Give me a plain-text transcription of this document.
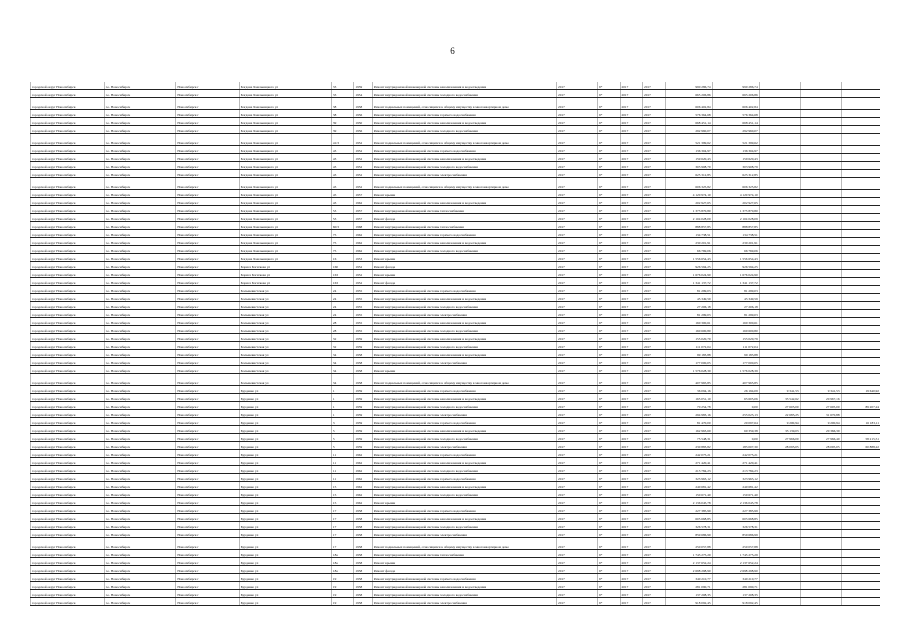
6
городской округ Новосибирск	г.о. Новосибирск	Новосибирск г	Богдана Хмельницкого ул	33	1959	Ремонт внутридомовой инженерной системы канализования и водоотведения	2017	6*	2017	2017	990 286,74	990 286,74			
городской округ Новосибирск	г.о. Новосибирск	Новосибирск г	Богдана Хмельницкого ул	33	1954	Ремонт внутридомовой инженерной системы холодного водоснабжения	2017	6*	2017	2017	665 206,86	665 206,86			
городской округ Новосибирск	г.о. Новосибирск	Новосибирск г	Богдана Хмельницкого ул	38	1958	Ремонт подвальных помещений, относящихся к общему имуществу в многоквартирном доме	2017	6*	2017	2017	606 402,84	606 402,84			
городской округ Новосибирск	г.о. Новосибирск	Новосибирск г	Богдана Хмельницкого ул	38	1956	Ремонт внутридомовой инженерной системы горячего водоснабжения	2017	6*	2017	2017	576 364,68	576 364,68			
городской округ Новосибирск	г.о. Новосибирск	Новосибирск г	Богдана Хмельницкого ул	39	1950	Ремонт внутридомовой инженерной системы канализования и водоотведения	2017	6*	2017	2017	668 451,14	668 451,14			
городской округ Новосибирск	г.о. Новосибирск	Новосибирск г	Богдана Хмельницкого ул	39	1956	Ремонт внутридомовой инженерной системы холодного водоснабжения	2017	6*	2017	2017	292 960,07	292 960,07			
городской округ Новосибирск	г.о. Новосибирск	Новосибирск г	Богдана Хмельницкого ул	41/3	1952	Ремонт подвальных помещений, относящихся к общему имуществу в многоквартирном доме	2017	6*	2017	2017	521 399,62	521 399,62			
городской округ Новосибирск	г.о. Новосибирск	Новосибирск г	Богдана Хмельницкого ул	43	1952	Ремонт внутридомовой инженерной системы горячего водоснабжения	2017	6*	2017	2017	136 304,97	136 304,97			
городской округ Новосибирск	г.о. Новосибирск	Новосибирск г	Богдана Хмельницкого ул	43	1952	Ремонт внутридомовой инженерной системы канализования и водоотведения	2017	6*	2017	2017	159 620,43	159 620,43			
городской округ Новосибирск	г.о. Новосибирск	Новосибирск г	Богдана Хмельницкого ул	43	1952	Ремонт внутридомовой инженерной системы холодного водоснабжения	2017	6*	2017	2017	303 908,79	303 908,79			
городской округ Новосибирск	г.о. Новосибирск	Новосибирск г	Богдана Хмельницкого ул	43	1952	Ремонт внутридомовой инженерной системы электроснабжения	2017	6*	2017	2017	625 312,85	625 312,85			
городской округ Новосибирск	г.о. Новосибирск	Новосибирск г	Богдана Хмельницкого ул	43	1952	Ремонт подвальных помещений, относящихся к общему имуществу в многоквартирном доме	2017	6*	2017	2017	606 325,82	606 325,82			
городской округ Новосибирск	г.о. Новосибирск	Новосибирск г	Богдана Хмельницкого ул	45	1957	Ремонт крыши	2017	6*	2017	2017	4 120 974,10	4 120 974,10			
городской округ Новосибирск	г.о. Новосибирск	Новосибирск г	Богдана Хмельницкого ул	43	1962	Ремонт внутридомовой инженерной системы канализования и водоотведения	2017	6*	2017	2017	202 927,65	202 927,65			
городской округ Новосибирск	г.о. Новосибирск	Новосибирск г	Богдана Хмельницкого ул	53	1957	Ремонт внутридомовой инженерной системы теплоснабжения	2017	6*	2017	2017	1 373 870,80	1 373 870,80			
городской округ Новосибирск	г.о. Новосибирск	Новосибирск г	Богдана Хмельницкого ул	53	1957	Ремонт фасада	2017	6*	2017	2017	2 104 028,09	2 104 028,09			
городской округ Новосибирск	г.о. Новосибирск	Новосибирск г	Богдана Хмельницкого ул	60/3	1968	Ремонт внутридомовой инженерной системы теплоснабжения	2017	6*	2017	2017	888 857,85	888 857,85			
городской округ Новосибирск	г.о. Новосибирск	Новосибирск г	Богдана Хмельницкого ул	75	1962	Ремонт внутридомовой инженерной системы горячего водоснабжения	2017	6*	2017	2017	134 738,51	134 738,51			
городской округ Новосибирск	г.о. Новосибирск	Новосибирск г	Богдана Хмельницкого ул	75	1962	Ремонт внутридомовой инженерной системы канализования и водоотведения	2017	6*	2017	2017	230 201,91	230 201,91			
городской округ Новосибирск	г.о. Новосибирск	Новосибирск г	Богдана Хмельницкого ул	75	1962	Ремонт внутридомовой инженерной системы холодного водоснабжения	2017	6*	2017	2017	66 769,06	66 769,06			
городской округ Новосибирск	г.о. Новосибирск	Новосибирск г	Богдана Хмельницкого ул	16	1953	Ремонт крыши	2017	6*	2017	2017	1 556 654,43	1 556 654,43			
городской округ Новосибирск	г.о. Новосибирск	Новосибирск г	Бориса Богаткова ул	160	1952	Ремонт фасада	2017	6*	2017	2017	926 594,25	926 594,25			
городской округ Новосибирск	г.о. Новосибирск	Новосибирск г	Бориса Богаткова ул	163	1952	Ремонт крыши	2017	6*	2017	2017	1 676 024,90	1 676 024,90			
городской округ Новосибирск	г.о. Новосибирск	Новосибирск г	Бориса Богаткова ул	163	1952	Ремонт фасада	2017	6*	2017	2017	1 341 137,72	1 341 137,72			
городской округ Новосибирск	г.о. Новосибирск	Новосибирск г	Большевистская ул	24	1955	Ремонт внутридомовой инженерной системы горячего водоснабжения	2017	6*	2017	2017	81 299,03	81 299,03			
городской округ Новосибирск	г.о. Новосибирск	Новосибирск г	Большевистская ул	24	1955	Ремонт внутридомовой инженерной системы канализования и водоотведения	2017	6*	2017	2017	45 349,59	45 349,59			
городской округ Новосибирск	г.о. Новосибирск	Новосибирск г	Большевистская ул	24	1955	Ремонт внутридомовой инженерной системы холодного водоснабжения	2017	6*	2017	2017	27 206,18	27 206,18			
городской округ Новосибирск	г.о. Новосибирск	Новосибирск г	Большевистская ул	24	1955	Ремонт внутридомовой инженерной системы электроснабжения	2017	6*	2017	2017	81 299,03	81 299,03			
городской округ Новосибирск	г.о. Новосибирск	Новосибирск г	Большевистская ул	28	1955	Ремонт внутридомовой инженерной системы канализования и водоотведения	2017	6*	2017	2017	160 300,61	160 300,61			
городской округ Новосибирск	г.о. Новосибирск	Новосибирск г	Большевистская ул	28	1955	Ремонт внутридомовой инженерной системы холодного водоснабжения	2017	6*	2017	2017	160 600,80	160 600,80			
городской округ Новосибирск	г.о. Новосибирск	Новосибирск г	Большевистская ул	32	1959	Ремонт внутридомовой инженерной системы канализования и водоотведения	2017	6*	2017	2017	155 020,79	155 020,79			
городской округ Новосибирск	г.о. Новосибирск	Новосибирск г	Большевистская ул	32	1959	Ремонт внутридомовой инженерной системы холодного водоснабжения	2017	6*	2017	2017	111 072,04	111 072,04			
городской округ Новосибирск	г.о. Новосибирск	Новосибирск г	Большевистская ул	34	1958	Ремонт внутридомовой инженерной системы канализования и водоотведения	2017	6*	2017	2017	99 183,88	99 183,88			
городской округ Новосибирск	г.о. Новосибирск	Новосибирск г	Большевистская ул	34	1958	Ремонт внутридомовой инженерной системы электроснабжения	2017	6*	2017	2017	177 000,05	177 000,05			
городской округ Новосибирск	г.о. Новосибирск	Новосибирск г	Большевистская ул	34	1958	Ремонт крыши	2017	6*	2017	2017	1 576 028,39	1 576 028,39			
городской округ Новосибирск	г.о. Новосибирск	Новосибирск г	Большевистская ул	34	1958	Ремонт подвальных помещений, относящихся к общему имуществу в многоквартирном доме	2017	6*	2017	2017	407 965,85	407 965,85			
городской округ Новосибирск	г.о. Новосибирск	Новосибирск г	Бурденко ул	1	1959	Ремонт внутридомовой инженерной системы горячего водоснабжения	2017	6*	2017	2017	36 094,16	26 194,09	9 341,53	9 341,53	19 640,92
городской округ Новосибирск	г.о. Новосибирск	Новосибирск г	Бурденко ул	1	1959	Ремонт внутридомовой инженерной системы канализования и водоотведения	2017	6*	2017	2017	165 051,10	65 605,06	33 542,62	20 967,16	
городской округ Новосибирск	г.о. Новосибирск	Новосибирск г	Бурденко ул	1	1959	Ремонт внутридомовой инженерной системы холодного водоснабжения	2017	6*	2017	2017	70 254,78	0,00	27 605,00	27 605,00	89 207,24
городской округ Новосибирск	г.о. Новосибирск	Новосибирск г	Бурденко ул	1	1959	Ремонт внутридомовой инженерной системы электроснабжения	2017	6*	2017	2017	294 983,16	255 023,13	22 685,25	31 670,88	
городской округ Новосибирск	г.о. Новосибирск	Новосибирск г	Бурденко ул	3	1959	Ремонт внутридомовой инженерной системы горячего водоснабжения	2017	6*	2017	2017	81 470,00	20 097,64	9 200,94	9 200,94	16 183,11
городской округ Новосибирск	г.о. Новосибирск	Новосибирск г	Бурденко ул	5	1959	Ремонт внутридомовой инженерной системы канализования и водоотведения	2017	6*	2017	2017	162 963,69	60 359,38	33 139,03	20 366,39	
городской округ Новосибирск	г.о. Новосибирск	Новосибирск г	Бурденко ул	5	1959	Ремонт внутридомовой инженерной системы холодного водоснабжения	2017	6*	2017	2017	75 548,31	0,00	27 966,00	27 966,40	58 215,51
городской округ Новосибирск	г.о. Новосибирск	Новосибирск г	Бурденко ул	5	1959	Ремонт внутридомовой инженерной системы электроснабжения	2017	6*	2017	2017	230 883,82	185 007,30	28 095,05	28 095,05	60 888,22
городской округ Новосибирск	г.о. Новосибирск	Новосибирск г	Бурденко ул	11	1962	Ремонт внутридомовой инженерной системы горячего водоснабжения	2017	6*	2017	2017	242 075,21	242 075,21			
городской округ Новосибирск	г.о. Новосибирск	Новосибирск г	Бурденко ул	11	1962	Ремонт внутридомовой инженерной системы канализования и водоотведения	2017	6*	2017	2017	271 420,41	271 420,41			
городской округ Новосибирск	г.о. Новосибирск	Новосибирск г	Бурденко ул	11	1962	Ремонт внутридомовой инженерной системы холодного водоснабжения	2017	6*	2017	2017	213 784,23	213 784,23			
городской округ Новосибирск	г.о. Новосибирск	Новосибирск г	Бурденко ул	11	1962	Ремонт внутридомовой инженерной системы горячего водоснабжения	2017	6*	2017	2017	323 963,12	323 963,12			
городской округ Новосибирск	г.о. Новосибирск	Новосибирск г	Бурденко ул	15	1962	Ремонт внутридомовой инженерной системы канализования и водоотведения	2017	6*	2017	2017	240 681,42	240 681,42			
городской округ Новосибирск	г.о. Новосибирск	Новосибирск г	Бурденко ул	15	1962	Ремонт внутридомовой инженерной системы холодного водоснабжения	2017	6*	2017	2017	150 671,40	150 671,40			
городской округ Новосибирск	г.о. Новосибирск	Новосибирск г	Бурденко ул	15	1962	Ремонт крыши	2017	6*	2017	2017	2 136 045,78	2 136 045,78			
городской округ Новосибирск	г.о. Новосибирск	Новосибирск г	Бурденко ул	17	1958	Ремонт внутридомовой инженерной системы горячего водоснабжения	2017	6*	2017	2017	227 385,99	227 385,99			
городской округ Новосибирск	г.о. Новосибирск	Новосибирск г	Бурденко ул	17	1958	Ремонт внутридомовой инженерной системы канализования и водоотведения	2017	6*	2017	2017	605 668,85	605 668,85			
городской округ Новосибирск	г.о. Новосибирск	Новосибирск г	Бурденко ул	17	1958	Ремонт внутридомовой инженерной системы холодного водоснабжения	2017	6*	2017	2017	326 578,31	326 578,31			
городской округ Новосибирск	г.о. Новосибирск	Новосибирск г	Бурденко ул	17	1958	Ремонт внутридомовой инженерной системы электроснабжения	2017	6*	2017	2017	859 686,99	859 686,99			
городской округ Новосибирск	г.о. Новосибирск	Новосибирск г	Бурденко ул	17	1958	Ремонт подвальных помещений, относящихся к общему имуществу в многоквартирном доме	2017	6*	2017	2017	250 057,88	250 057,88			
городской округ Новосибирск	г.о. Новосибирск	Новосибирск г	Бурденко ул	18а	1958	Ремонт внутридомовой инженерной системы теплоснабжения	2017	6*	2017	2017	1 743 275,29	1 743 275,29			
городской округ Новосибирск	г.о. Новосибирск	Новосибирск г	Бурденко ул	18а	1958	Ремонт крыши	2017	6*	2017	2017	2 137 652,24	2 137 652,24			
городской округ Новосибирск	г.о. Новосибирск	Новосибирск г	Бурденко ул	18а	1958	Ремонт фасада	2017	6*	2017	2017	2 698 298,90	2 698 298,90			
городской округ Новосибирск	г.о. Новосибирск	Новосибирск г	Бурденко ул	19	1958	Ремонт внутридомовой инженерной системы горячего водоснабжения	2017	6*	2017	2017	340 210,77	340 210,77			
городской округ Новосибирск	г.о. Новосибирск	Новосибирск г	Бурденко ул	19	1958	Ремонт внутридомовой инженерной системы канализования и водоотведения	2017	6*	2017	2017	281 090,71	281 090,71			
городской округ Новосибирск	г.о. Новосибирск	Новосибирск г	Бурденко ул	19	1958	Ремонт внутридомовой инженерной системы холодного водоснабжения	2017	6*	2017	2017	137 208,35	137 208,35			
городской округ Новосибирск	г.о. Новосибирск	Новосибирск г	Бурденко ул	19	1958	Ремонт внутридомовой инженерной системы электроснабжения	2017	6*	2017	2017	918 092,45	918 092,45			
